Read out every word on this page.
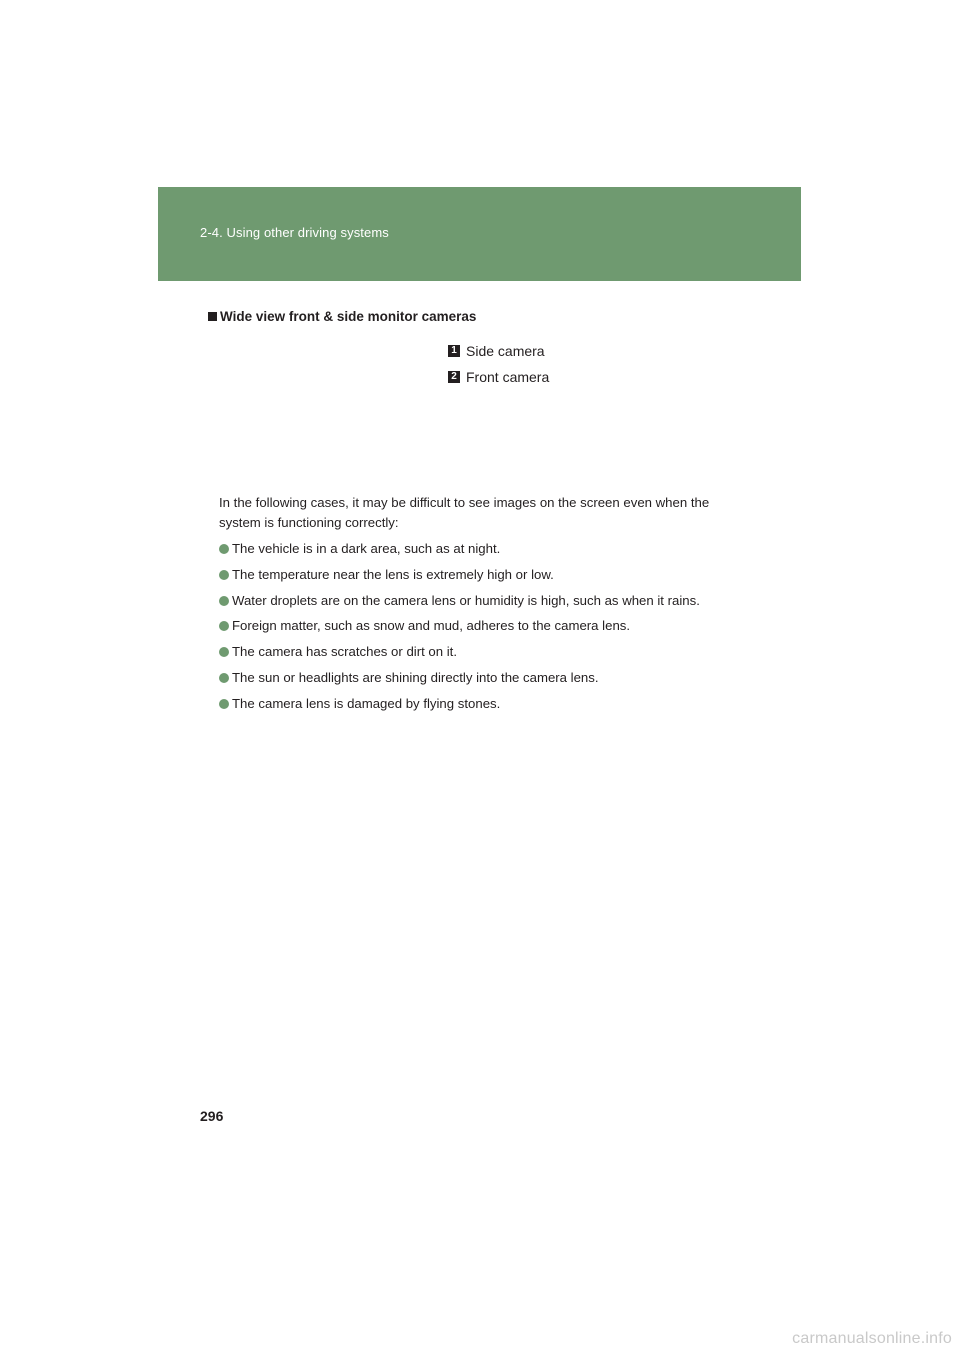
2-4. Using other driving systems
Wide view front & side monitor cameras
1 Side camera
2 Front camera
In the following cases, it may be difficult to see images on the screen even when the system is functioning correctly:
The vehicle is in a dark area, such as at night.
The temperature near the lens is extremely high or low.
Water droplets are on the camera lens or humidity is high, such as when it rains.
Foreign matter, such as snow and mud, adheres to the camera lens.
The camera has scratches or dirt on it.
The sun or headlights are shining directly into the camera lens.
The camera lens is damaged by flying stones.
296
carmanualsonline.info
